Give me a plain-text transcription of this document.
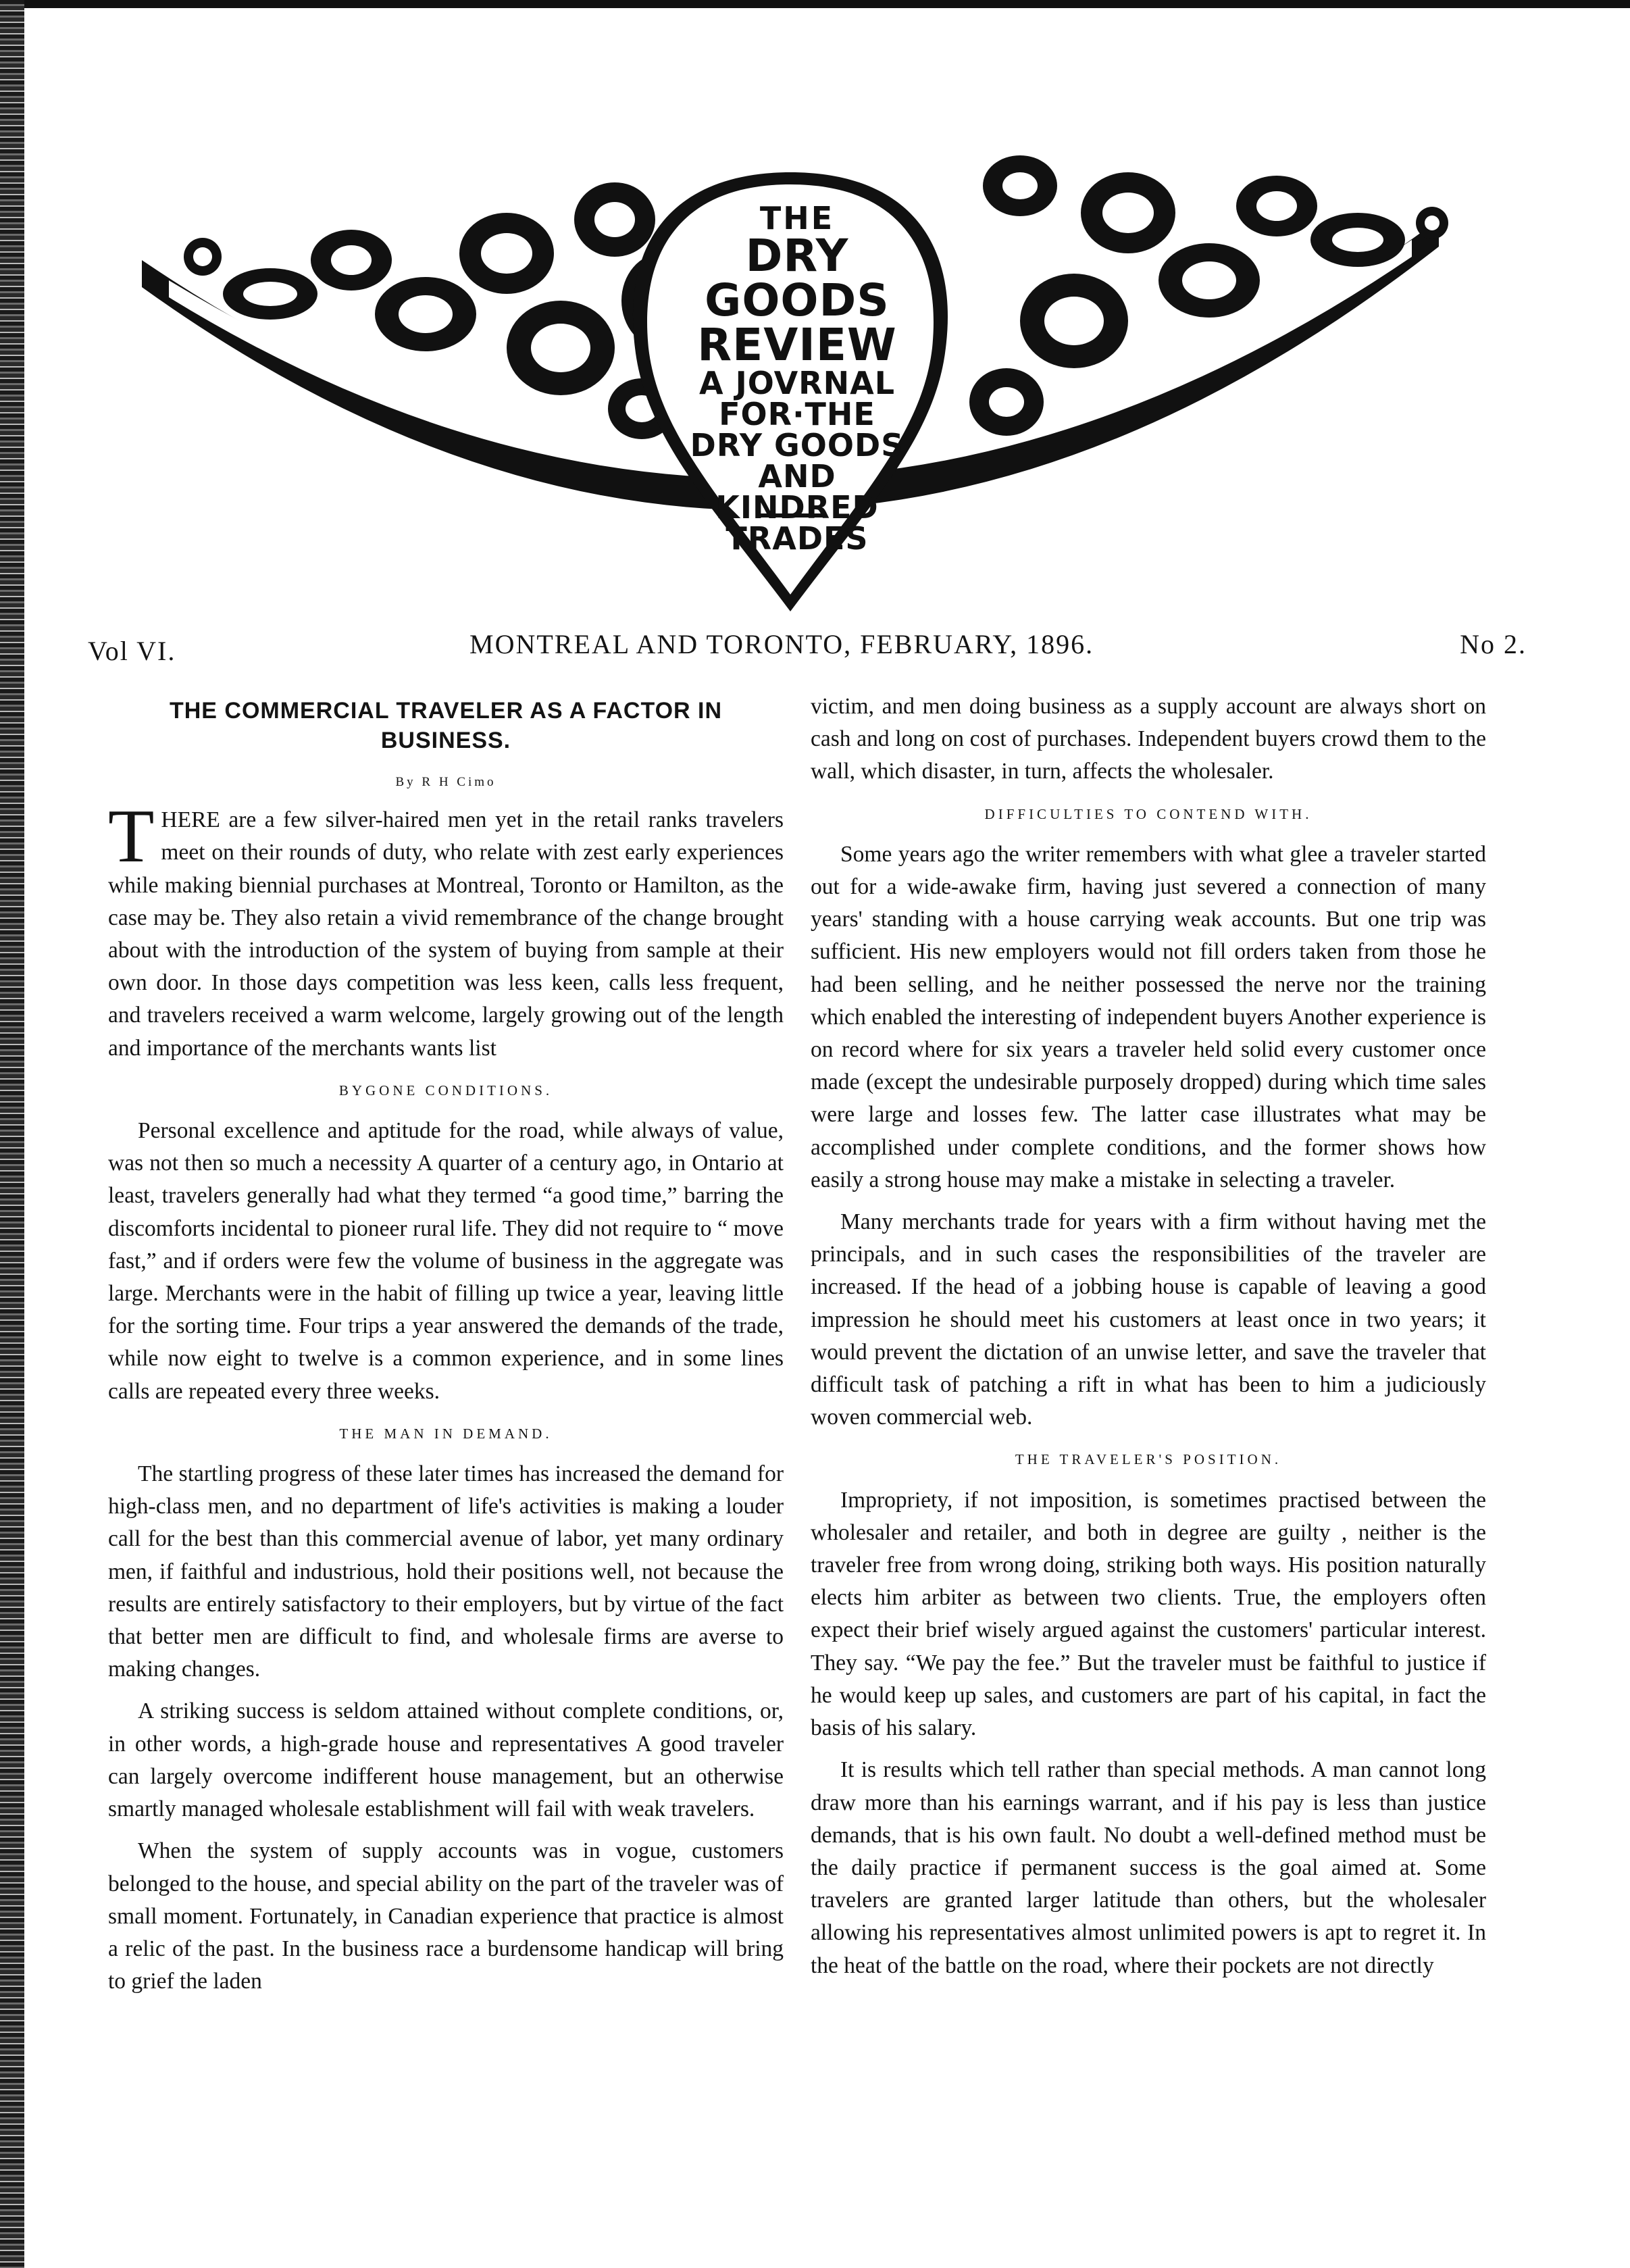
THE
DRY GOODS
REVIEW
A JOVRNAL
FOR·THE
DRY GOODS
AND
KINDRED
TRADES
Vol VI.	MONTREAL AND TORONTO, FEBRUARY, 1896.	No 2.
THE COMMERCIAL TRAVELER AS A FACTOR IN BUSINESS.
By R H Cimo

THERE are a few silver-haired men yet in the retail ranks travelers meet on their rounds of duty, who relate with zest early experiences while making biennial purchases at Montreal, Toronto or Hamilton, as the case may be. They also retain a vivid remembrance of the change brought about with the introduction of the system of buying from sample at their own door. In those days competition was less keen, calls less frequent, and travelers received a warm welcome, largely growing out of the length and importance of the merchants wants list

BYGONE CONDITIONS.

Personal excellence and aptitude for the road, while always of value, was not then so much a necessity A quarter of a century ago, in Ontario at least, travelers generally had what they termed “a good time,” barring the discomforts incidental to pioneer rural life. They did not require to “ move fast,” and if orders were few the volume of business in the aggregate was large. Merchants were in the habit of filling up twice a year, leaving little for the sorting time. Four trips a year answered the demands of the trade, while now eight to twelve is a common experience, and in some lines calls are repeated every three weeks.

THE MAN IN DEMAND.

The startling progress of these later times has increased the demand for high-class men, and no department of life's activities is making a louder call for the best than this commercial avenue of labor, yet many ordinary men, if faithful and industrious, hold their positions well, not because the results are entirely satisfactory to their employers, but by virtue of the fact that better men are difficult to find, and wholesale firms are averse to making changes.

A striking success is seldom attained without complete conditions, or, in other words, a high-grade house and representatives A good traveler can largely overcome indifferent house management, but an otherwise smartly managed wholesale establishment will fail with weak travelers.

When the system of supply accounts was in vogue, customers belonged to the house, and special ability on the part of the traveler was of small moment. Fortunately, in Canadian experience that practice is almost a relic of the past. In the business race a burdensome handicap will bring to grief the laden

victim, and men doing business as a supply account are always short on cash and long on cost of purchases. Independent buyers crowd them to the wall, which disaster, in turn, affects the wholesaler.

DIFFICULTIES TO CONTEND WITH.

Some years ago the writer remembers with what glee a traveler started out for a wide-awake firm, having just severed a connection of many years' standing with a house carrying weak accounts. But one trip was sufficient. His new employers would not fill orders taken from those he had been selling, and he neither possessed the nerve nor the training which enabled the interesting of independent buyers Another experience is on record where for six years a traveler held solid every customer once made (except the undesirable purposely dropped) during which time sales were large and losses few. The latter case illustrates what may be accomplished under complete conditions, and the former shows how easily a strong house may make a mistake in selecting a traveler.

Many merchants trade for years with a firm without having met the principals, and in such cases the responsibilities of the traveler are increased. If the head of a jobbing house is capable of leaving a good impression he should meet his customers at least once in two years; it would prevent the dictation of an unwise letter, and save the traveler that difficult task of patching a rift in what has been to him a judiciously woven commercial web.

THE TRAVELER'S POSITION.

Impropriety, if not imposition, is sometimes practised between the wholesaler and retailer, and both in degree are guilty , neither is the traveler free from wrong doing, striking both ways. His position naturally elects him arbiter as between two clients. True, the employers often expect their brief wisely argued against the customers' particular interest. They say. “We pay the fee.” But the traveler must be faithful to justice if he would keep up sales, and customers are part of his capital, in fact the basis of his salary.

It is results which tell rather than special methods. A man cannot long draw more than his earnings warrant, and if his pay is less than justice demands, that is his own fault. No doubt a well-defined method must be the daily practice if permanent success is the goal aimed at. Some travelers are granted larger latitude than others, but the wholesaler allowing his representatives almost unlimited powers is apt to regret it. In the heat of the battle on the road, where their pockets are not directly
